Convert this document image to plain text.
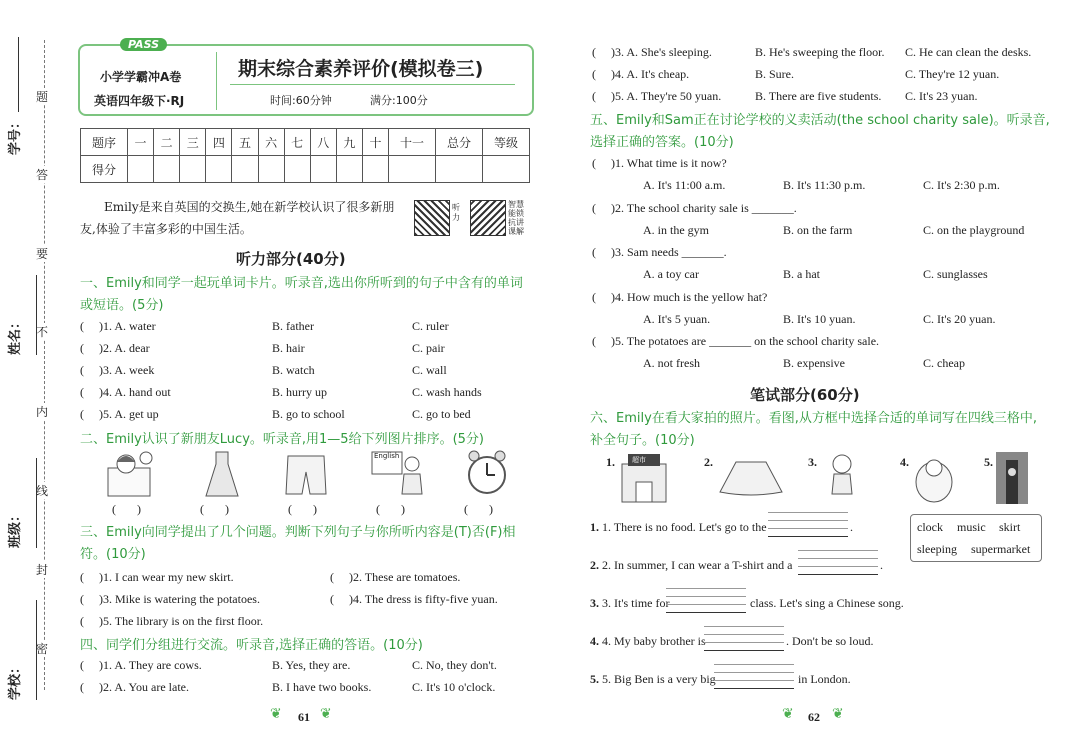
题
答
要
不
内
线
封
密
学号：
姓名：
班级：
学校：
PASS
小学学霸冲A卷
英语四年级下·RJ
期末综合素养评价(模拟卷三)
时间:60分钟	满分:100分
题序	一	二	三	四	五	六	七	八	九	十	十一	总分	等级
得分													
Emily是来自英国的交换生,她在新学校认识了很多新朋友,体验了丰富多彩的中国生活。
听力
智慧能锁抗讲课解
听力部分(40分)
一、Emily和同学一起玩单词卡片。听录音,选出你所听到的句子中含有的单词或短语。(5分)
(     )1. A. water	B. father	C. ruler
(     )2. A. dear	B. hair	C. pair
(     )3. A. week	B. watch	C. wall
(     )4. A. hand out	B. hurry up	C. wash hands
(     )5. A. get up	B. go to school	C. go to bed
二、Emily认识了新朋友Lucy。听录音,用1—5给下列图片排序。(5分)
English
(       )	(       )	(       )	(       )	(       )
三、Emily向同学提出了几个问题。判断下列句子与你所听内容是(T)否(F)相符。(10分)
(     )1. I can wear my new skirt.	(     )2. These are tomatoes.
(     )3. Mike is watering the potatoes.	(     )4. The dress is fifty-five yuan.
(     )5. The library is on the first floor.
四、同学们分组进行交流。听录音,选择正确的答语。(10分)
(     )1. A. They are cows.	B. Yes, they are.	C. No, they don't.
(     )2. A. You are late.	B. I have two books.	C. It's 10 o'clock.
❦ 61 ❦
(     )3. A. She's sleeping.	B. He's sweeping the floor. C. He can clean the desks.
(     )4. A. It's cheap.	B. Sure.	C. They're 12 yuan.
(     )5. A. They're 50 yuan.	B. There are five students. C. It's 23 yuan.
五、Emily和Sam正在讨论学校的义卖活动(the school charity sale)。听录音,选择正确的答案。(10分)
(     )1. What time is it now?
A. It's 11:00 a.m.	B. It's 11:30 p.m.	C. It's 2:30 p.m.
(     )2. The school charity sale is _______.
A. in the gym	B. on the farm	C. on the playground
(     )3. Sam needs _______.
A. a toy car	B. a hat	C. sunglasses
(     )4. How much is the yellow hat?
A. It's 5 yuan.	B. It's 10 yuan.	C. It's 20 yuan.
(     )5. The potatoes are _______ on the school charity sale.
A. not fresh	B. expensive	C. cheap
笔试部分(60分)
六、Emily在看大家拍的照片。看图,从方框中选择合适的单词写在四线三格中,补全句子。(10分)
1. 超市	2.	3.	4.	5.
clock music skirt
sleeping supermarket
1. 1. There is no food. Let's go to the	.
2. 2. In summer, I can wear a T-shirt and a	.
3. 3. It's time for	class. Let's sing a Chinese song.
4. 4. My baby brother is	. Don't be so loud.
5. 5. Big Ben is a very big	in London.
❦ 62 ❦
